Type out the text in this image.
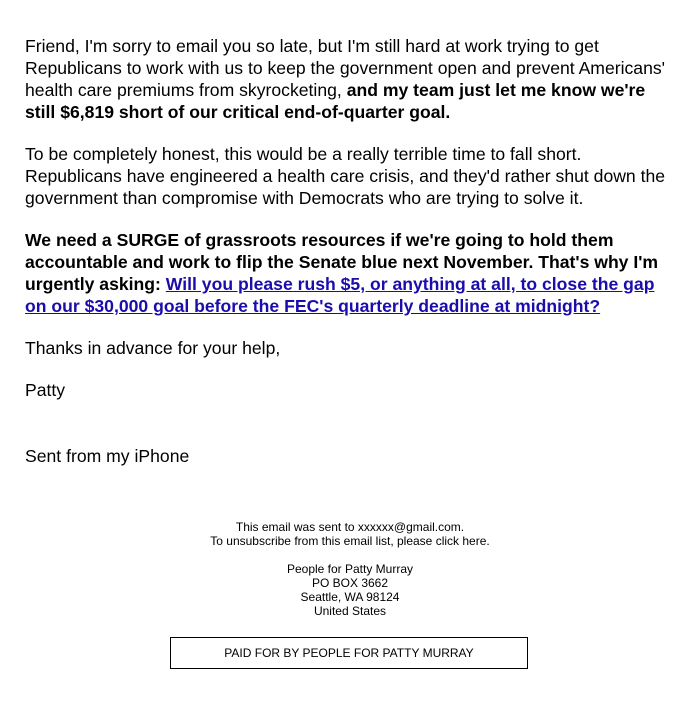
Friend, I'm sorry to email you so late, but I'm still hard at work trying to get Republicans to work with us to keep the government open and prevent Americans' health care premiums from skyrocketing, and my team just let me know we're still $6,819 short of our critical end-of-quarter goal.

To be completely honest, this would be a really terrible time to fall short. Republicans have engineered a health care crisis, and they'd rather shut down the government than compromise with Democrats who are trying to solve it.

We need a SURGE of grassroots resources if we're going to hold them accountable and work to flip the Senate blue next November. That's why I'm urgently asking: Will you please rush $5, or anything at all, to close the gap on our $30,000 goal before the FEC's quarterly deadline at midnight?

Thanks in advance for your help,

Patty

Sent from my iPhone

This email was sent to xxxxxx@gmail.com.

To unsubscribe from this email list, please click here.

People for Patty Murray

PO BOX 3662

Seattle, WA 98124

United States

PAID FOR BY PEOPLE FOR PATTY MURRAY
